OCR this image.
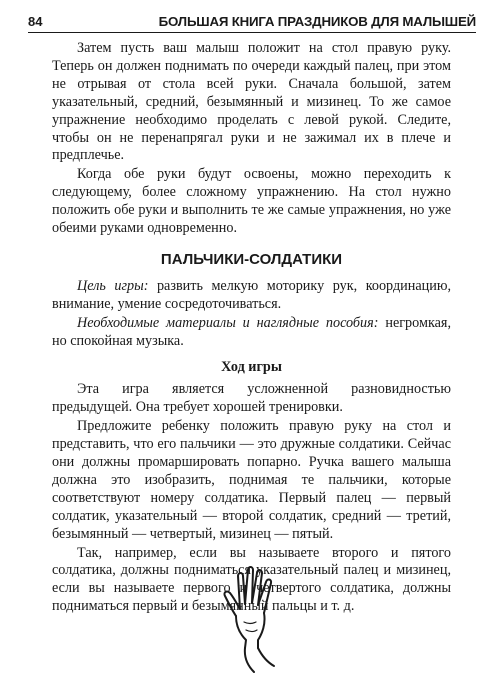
84	БОЛЬШАЯ КНИГА ПРАЗДНИКОВ ДЛЯ МАЛЫШЕЙ

Затем пусть ваш малыш положит на стол правую руку. Теперь он должен поднимать по очереди каждый палец, при этом не отрывая от стола всей руки. Сначала большой, затем указательный, средний, безымянный и мизинец. То же самое упражнение необходимо проделать с левой рукой. Следите, чтобы он не перенапрягал руки и не зажимал их в плече и предплечье.

Когда обе руки будут освоены, можно переходить к следующему, более сложному упражнению. На стол нужно положить обе руки и выполнить те же самые упражнения, но уже обеими руками одновременно.

ПАЛЬЧИКИ-СОЛДАТИКИ

Цель игры: развить мелкую моторику рук, координацию, внимание, умение сосредоточиваться.

Необходимые материалы и наглядные пособия: негромкая, но спокойная музыка.

Ход игры

Эта игра является усложненной разновидностью предыдущей. Она требует хорошей тренировки.

Предложите ребенку положить правую руку на стол и представить, что его пальчики — это дружные солдатики. Сейчас они должны промаршировать попарно. Ручка вашего малыша должна это изобразить, поднимая те пальчики, которые соответствуют номеру солдатика. Первый палец — первый солдатик, указательный — второй солдатик, средний — третий, безымянный — четвертый, мизинец — пятый.

Так, например, если вы называете второго и пятого солдатика, должны подниматься указательный палец и мизинец, если вы называете первого и четвертого солдатика, должны подниматься первый и безымянный пальцы и т. д.
